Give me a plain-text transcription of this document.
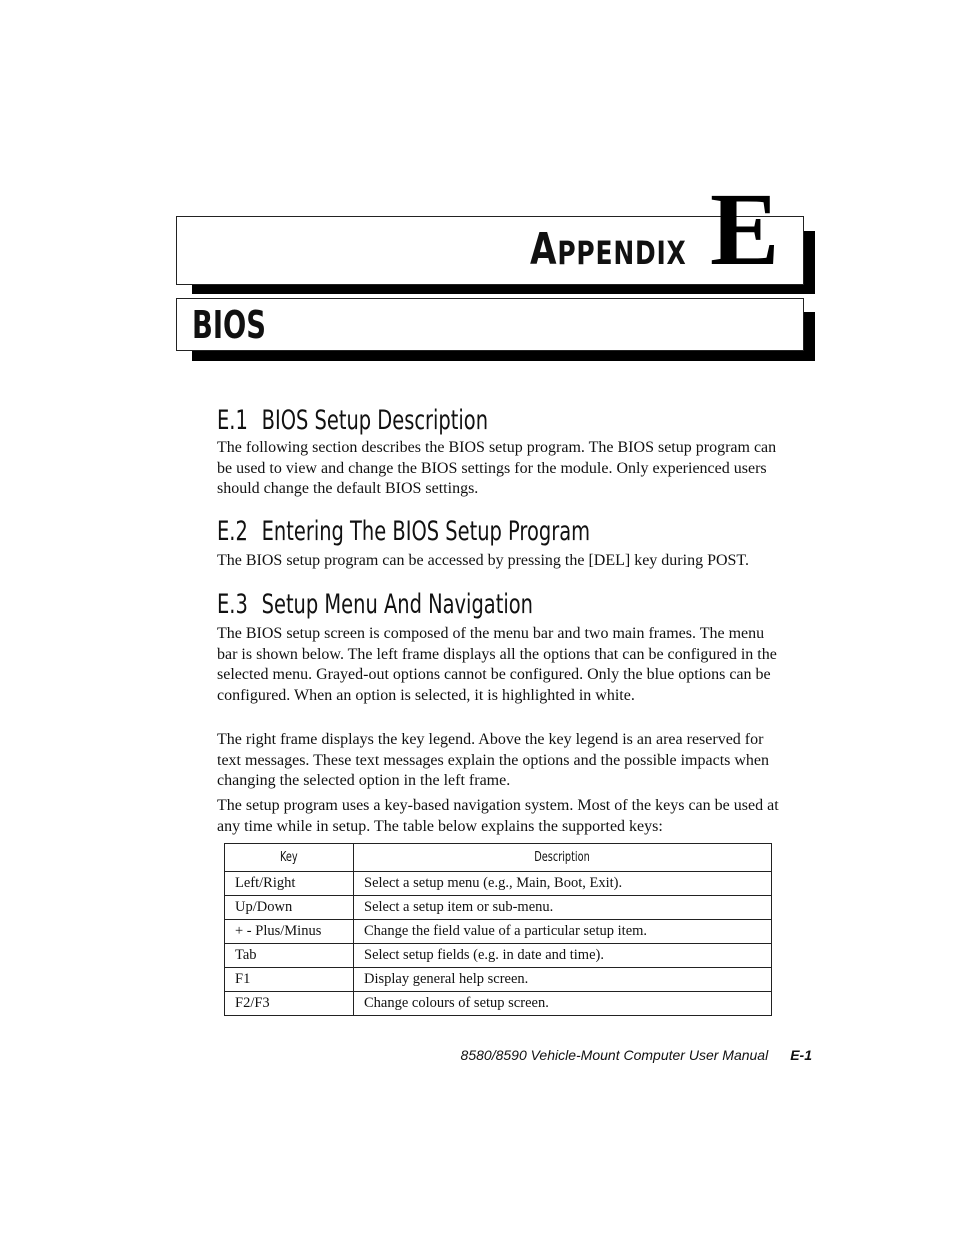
APPENDIX E
BIOS
E.1 BIOS Setup Description

The following section describes the BIOS setup program. The BIOS setup program can be used to view and change the BIOS settings for the module. Only experienced users should change the default BIOS settings.

E.2 Entering The BIOS Setup Program

The BIOS setup program can be accessed by pressing the [DEL] key during POST.

E.3 Setup Menu And Navigation

The BIOS setup screen is composed of the menu bar and two main frames. The menu bar is shown below. The left frame displays all the options that can be configured in the selected menu. Grayed-out options cannot be configured. Only the blue options can be configured. When an option is selected, it is highlighted in white.

The right frame displays the key legend. Above the key legend is an area reserved for text messages. These text messages explain the options and the possible impacts when changing the selected option in the left frame.

The setup program uses a key-based navigation system. Most of the keys can be used at any time while in setup. The table below explains the supported keys:

Key	Description
Left/Right	Select a setup menu (e.g., Main, Boot, Exit).
Up/Down	Select a setup item or sub-menu.
+ - Plus/Minus	Change the field value of a particular setup item.
Tab	Select setup fields (e.g. in date and time).
F1	Display general help screen.
F2/F3	Change colours of setup screen.
8580/8590 Vehicle-Mount Computer User Manual E-1
